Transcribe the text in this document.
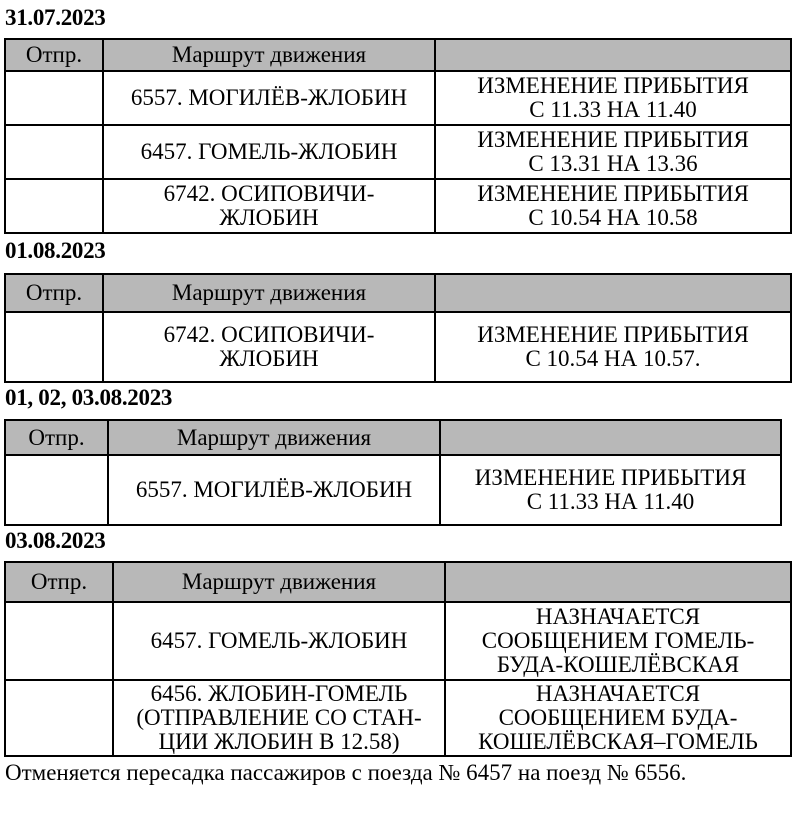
31.07.2023
Отпр.	Маршрут движения	
	6557. МОГИЛЁВ-ЖЛОБИН	ИЗМЕНЕНИЕ ПРИБЫТИЯ
С 11.33 НА 11.40

	6457. ГОМЕЛЬ-ЖЛОБИН	ИЗМЕНЕНИЕ ПРИБЫТИЯ
С 13.31 НА 13.36

	6742. ОСИПОВИЧИ-
ЖЛОБИН	ИЗМЕНЕНИЕ ПРИБЫТИЯ
С 10.54 НА 10.58
01.08.2023
Отпр.	Маршрут движения	

	6742. ОСИПОВИЧИ-
ЖЛОБИН	ИЗМЕНЕНИЕ ПРИБЫТИЯ
С 10.54 НА 10.57.
01, 02, 03.08.2023
Отпр.	Маршрут движения	
	6557. МОГИЛЁВ-ЖЛОБИН	ИЗМЕНЕНИЕ ПРИБЫТИЯ
С 11.33 НА 11.40
03.08.2023
Отпр.	Маршрут движения	
	6457. ГОМЕЛЬ-ЖЛОБИН	НАЗНАЧАЕТСЯ
СООБЩЕНИЕМ ГОМЕЛЬ-
БУДА-КОШЕЛЁВСКАЯ

	6456. ЖЛОБИН-ГОМЕЛЬ
(ОТПРАВЛЕНИЕ СО СТАН-
ЦИИ ЖЛОБИН В 12.58)	НАЗНАЧАЕТСЯ
СООБЩЕНИЕМ БУДА-
КОШЕЛЁВСКАЯ–ГОМЕЛЬ
Отменяется пересадка пассажиров с поезда № 6457 на поезд № 6556.
